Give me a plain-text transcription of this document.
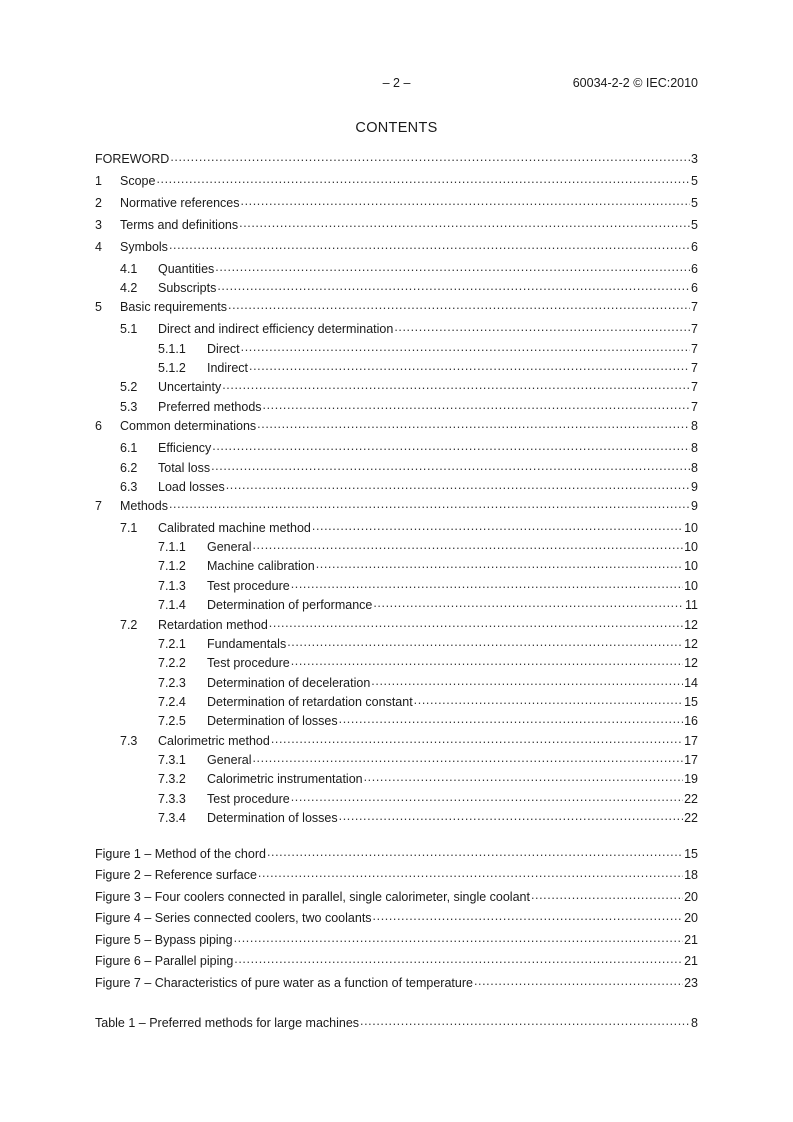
– 2 –	60034-2-2 © IEC:2010
CONTENTS
FOREWORD .....	3
1	Scope .....	5
2	Normative references .....	5
3	Terms and definitions .....	5
4	Symbols .....	6
4.1	Quantities .....	6
4.2	Subscripts .....	6
5	Basic requirements .....	7
5.1	Direct and indirect efficiency determination .....	7
5.1.1	Direct .....	7
5.1.2	Indirect .....	7
5.2	Uncertainty .....	7
5.3	Preferred methods .....	7
6	Common determinations .....	8
6.1	Efficiency .....	8
6.2	Total loss .....	8
6.3	Load losses .....	9
7	Methods .....	9
7.1	Calibrated machine method .....	10
7.1.1	General .....	10
7.1.2	Machine calibration .....	10
7.1.3	Test procedure .....	10
7.1.4	Determination of performance .....	11
7.2	Retardation method .....	12
7.2.1	Fundamentals .....	12
7.2.2	Test procedure .....	12
7.2.3	Determination of deceleration .....	14
7.2.4	Determination of retardation constant .....	15
7.2.5	Determination of losses .....	16
7.3	Calorimetric method .....	17
7.3.1	General .....	17
7.3.2	Calorimetric instrumentation .....	19
7.3.3	Test procedure .....	22
7.3.4	Determination of losses .....	22
Figure 1 – Method of the chord .....	15
Figure 2 – Reference surface .....	18
Figure 3 – Four coolers connected in parallel, single calorimeter, single coolant .....	20
Figure 4 – Series connected coolers, two coolants .....	20
Figure 5 – Bypass piping .....	21
Figure 6 – Parallel piping .....	21
Figure 7 – Characteristics of pure water as a function of temperature .....	23
Table 1 – Preferred methods for large machines .....	8
